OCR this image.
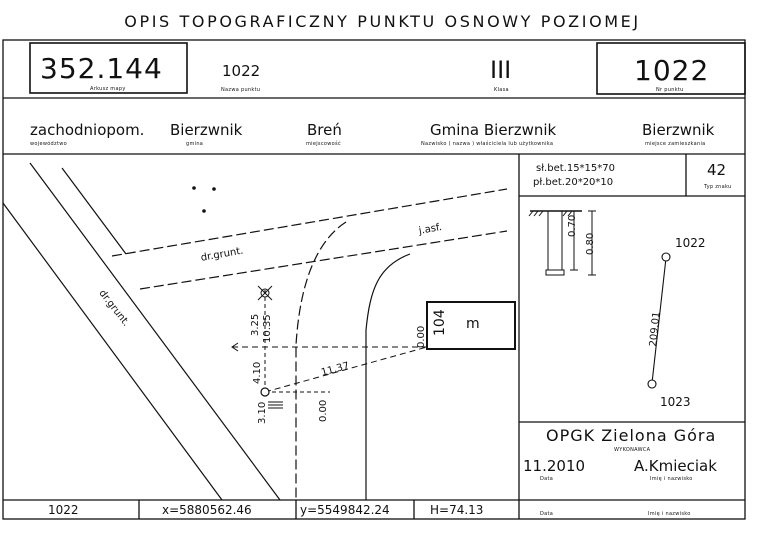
OPIS TOPOGRAFICZNY PUNKTU OSNOWY POZIOMEJ
352.144
Arkusz mapy
1022
Nazwa punktu
III
Klasa
1022
Nr punktu
zachodniopom.
województwo
Bierzwnik
gmina
Breń
miejscowość
Gmina Bierzwnik
Nazwisko ( nazwa ) właściciela lub użytkownika
Bierzwnik
miejsce zamieszkania
sł.bet.15*15*70
pł.bet.20*20*10
42
Typ znaku
0.70
0.80	1022
1023
209.01
dr.grunt.
dr.grunt.
j.asf.
104 m
11.37
4.10
3.10
3.25 10.35	0.00
0.00
OPGK Zielona Góra
WYKONAWCA
11.2010
Data
A.Kmieciak
Imię i nazwisko
Data	Imię i nazwisko
1022	x=5880562.46	y=5549842.24	H=74.13
